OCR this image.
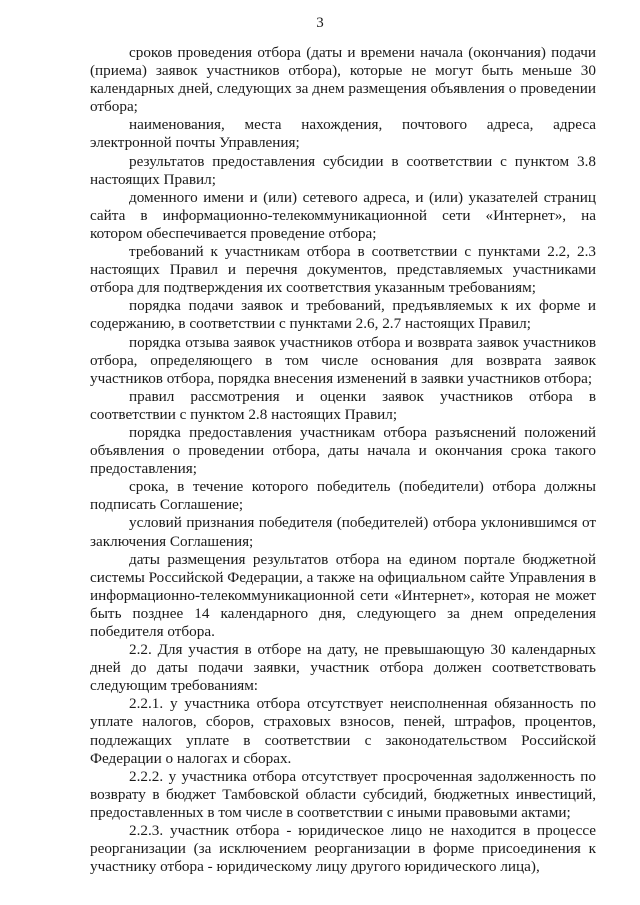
3

сроков проведения отбора (даты и времени начала (окончания) подачи (приема) заявок участников отбора), которые не могут быть меньше 30 календарных дней, следующих за днем размещения объявления о проведении отбора;

наименования, места нахождения, почтового адреса, адреса электронной почты Управления;

результатов предоставления субсидии в соответствии с пунктом 3.8 настоящих Правил;

доменного имени и (или) сетевого адреса, и (или) указателей страниц сайта в информационно-телекоммуникационной сети «Интернет», на котором обеспечивается проведение отбора;

требований к участникам отбора в соответствии с пунктами 2.2, 2.3 настоящих Правил и перечня документов, представляемых участниками отбора для подтверждения их соответствия указанным требованиям;

порядка подачи заявок и требований, предъявляемых к их форме и содержанию, в соответствии с пунктами 2.6, 2.7 настоящих Правил;

порядка отзыва заявок участников отбора и возврата заявок участников отбора, определяющего в том числе основания для возврата заявок участников отбора, порядка внесения изменений в заявки участников отбора;

правил рассмотрения и оценки заявок участников отбора в соответствии с пунктом 2.8 настоящих Правил;

порядка предоставления участникам отбора разъяснений положений объявления о проведении отбора, даты начала и окончания срока такого предоставления;

срока, в течение которого победитель (победители) отбора должны подписать Соглашение;

условий признания победителя (победителей) отбора уклонившимся от заключения Соглашения;

даты размещения результатов отбора на едином портале бюджетной системы Российской Федерации, а также на официальном сайте Управления в информационно-телекоммуникационной сети «Интернет», которая не может быть позднее 14 календарного дня, следующего за днем определения победителя отбора.

2.2. Для участия в отборе на дату, не превышающую 30 календарных дней до даты подачи заявки, участник отбора должен соответствовать следующим требованиям:

2.2.1. у участника отбора отсутствует неисполненная обязанность по уплате налогов, сборов, страховых взносов, пеней, штрафов, процентов, подлежащих уплате в соответствии с законодательством Российской Федерации о налогах и сборах.

2.2.2. у участника отбора отсутствует просроченная задолженность по возврату в бюджет Тамбовской области субсидий, бюджетных инвестиций, предоставленных в том числе в соответствии с иными правовыми актами;

2.2.3. участник отбора - юридическое лицо не находится в процессе реорганизации (за исключением реорганизации в форме присоединения к участнику отбора - юридическому лицу другого юридического лица),
